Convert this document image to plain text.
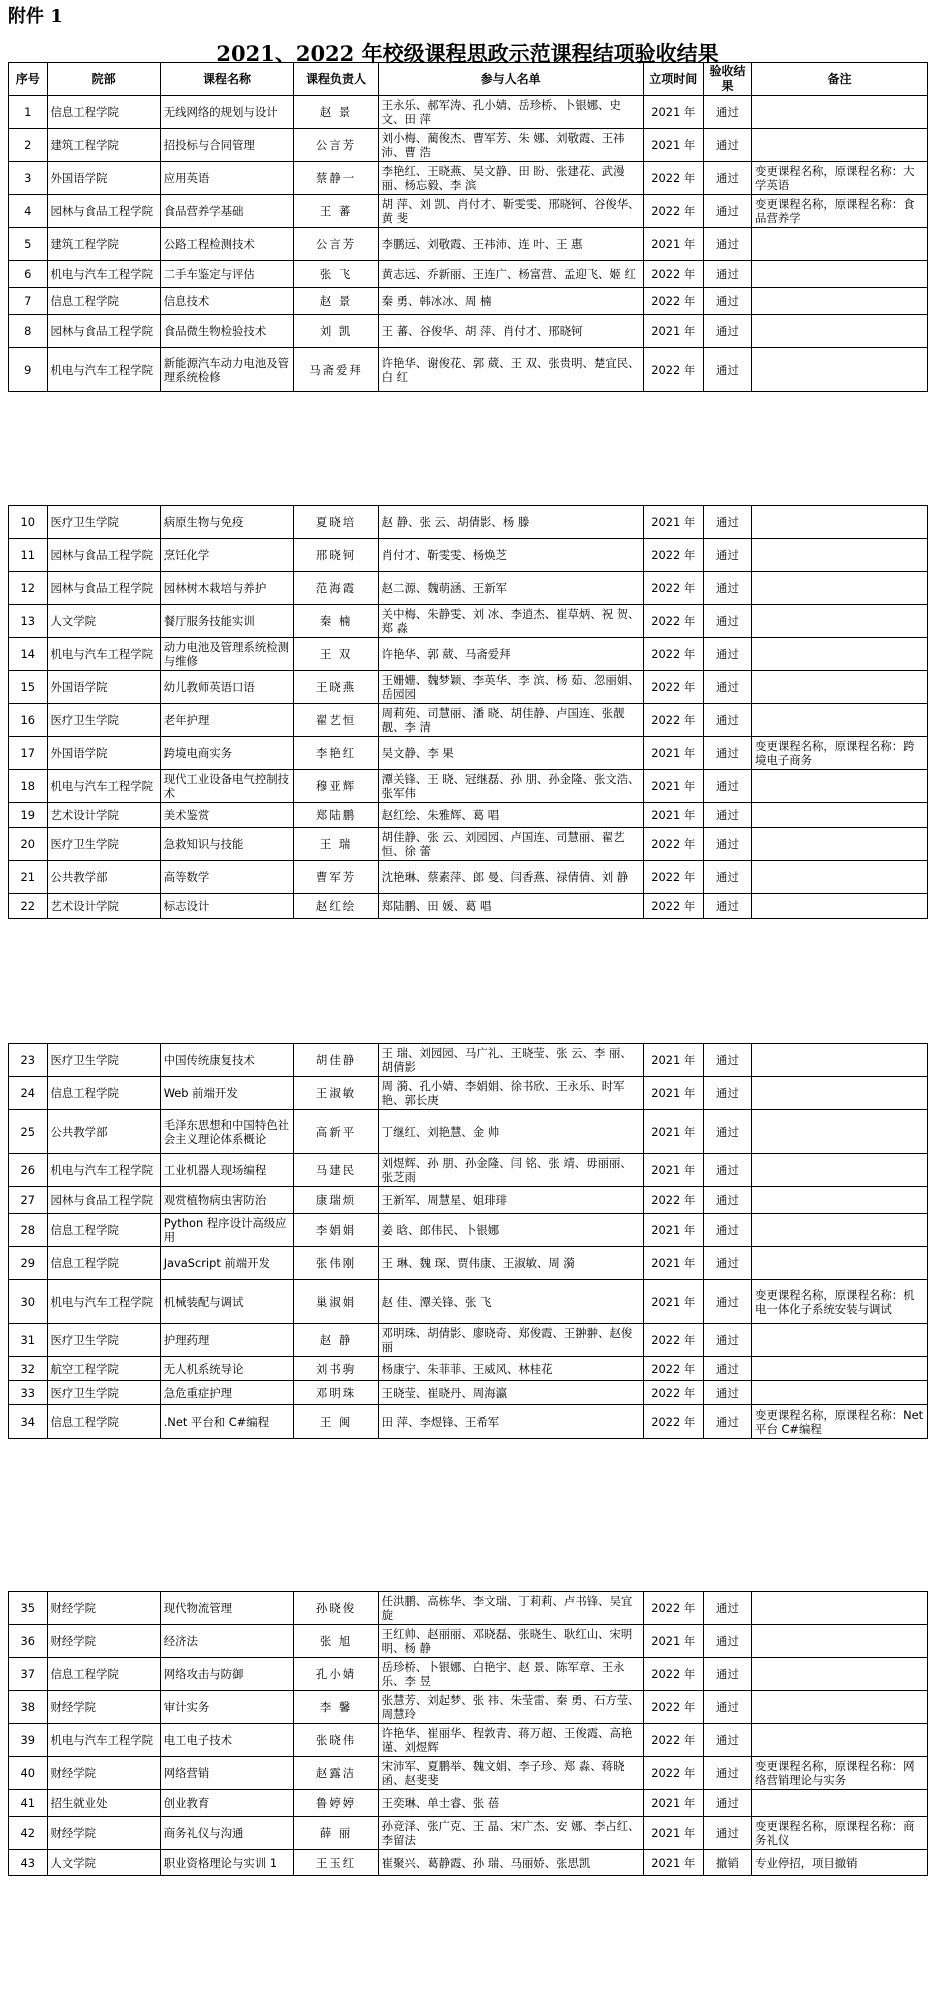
附件 1
2021、2022 年校级课程思政示范课程结项验收结果
序号	院部	课程名称	课程负责人	参与人名单	立项时间	验收结果	备注
1	信息工程学院	无线网络的规划与设计	赵 景	王永乐、郝军涛、孔小婧、岳珍桥、卜银娜、史 文、田 萍	2021 年	通过	
2	建筑工程学院	招投标与合同管理	公言芳	刘小梅、蔺俊杰、曹军芳、朱 娜、刘敬霞、王祎沛、曹 浩	2021 年	通过	
3	外国语学院	应用英语	蔡静一	李艳红、王晓燕、吴文静、田 盼、张建花、武漫丽、杨忘毅、李 滨	2022 年	通过	变更课程名称，原课程名称：大学英语
4	园林与食品工程学院	食品营养学基础	王 蕃	胡 萍、刘 凯、肖付才、靳雯雯、邢晓钶、谷俊华、黄 斐	2022 年	通过	变更课程名称，原课程名称：食品营养学
5	建筑工程学院	公路工程检测技术	公言芳	李鹏远、刘敬霞、王祎沛、连 叶、王 惠	2021 年	通过	
6	机电与汽车工程学院	二手车鉴定与评估	张 飞	黄志远、乔新丽、王连广、杨富营、孟迎飞、姬 红	2022 年	通过	
7	信息工程学院	信息技术	赵 景	秦 勇、韩冰冰、周 楠	2022 年	通过	
8	园林与食品工程学院	食品微生物检验技术	刘 凯	王 蕃、谷俊华、胡 萍、肖付才、邢晓钶	2021 年	通过	
9	机电与汽车工程学院	新能源汽车动力电池及管理系统检修	马斋爱拜	许艳华、谢俊花、郭 葳、王 双、张贵明、楚宜民、白 红	2022 年	通过	
10	医疗卫生学院	病原生物与免疫	夏晓培	赵 静、张 云、胡倩影、杨 滕	2021 年	通过	
11	园林与食品工程学院	烹饪化学	邢晓钶	肖付才、靳雯雯、杨焕芝	2022 年	通过	
12	园林与食品工程学院	园林树木栽培与养护	范海霞	赵二源、魏萌涵、王新军	2022 年	通过	
13	人文学院	餐厅服务技能实训	秦 楠	关中梅、朱静雯、刘 冰、李逍杰、崔草炳、祝 贺、郑 淼	2022 年	通过	
14	机电与汽车工程学院	动力电池及管理系统检测与维修	王 双	许艳华、郭 葳、马斋爱拜	2022 年	通过	
15	外国语学院	幼儿教师英语口语	王晓燕	王姗姗、魏梦颖、李英华、李 滨、杨 茹、忽丽娟、岳园园	2022 年	通过	
16	医疗卫生学院	老年护理	翟艺恒	周莉苑、司慧丽、潘 晓、胡佳静、卢国连、张靓靓、李 清	2022 年	通过	
17	外国语学院	跨境电商实务	李艳红	吴文静、李 果	2021 年	通过	变更课程名称，原课程名称：跨境电子商务
18	机电与汽车工程学院	现代工业设备电气控制技术	穆亚辉	潭关锋、王 晓、冠继磊、孙 朋、孙金隆、张文浩、张军伟	2021 年	通过	
19	艺术设计学院	美术鉴赏	郑陆鹏	赵红绘、朱雅辉、葛 唱	2021 年	通过	
20	医疗卫生学院	急救知识与技能	王 瑞	胡佳静、张 云、刘园园、卢国连、司慧丽、翟艺恒、徐 蕾	2022 年	通过	
21	公共教学部	高等数学	曹军芳	沈艳琳、蔡素萍、郎 曼、闫香燕、禄倩倩、刘 静	2022 年	通过	
22	艺术设计学院	标志设计	赵红绘	郑陆鹏、田 媛、葛 唱	2022 年	通过	
23	医疗卫生学院	中国传统康复技术	胡佳静	王 瑞、刘园园、马广礼、王晓莹、张 云、李 丽、胡倩影	2021 年	通过	
24	信息工程学院	Web 前端开发	王淑敏	周 漪、孔小婧、李娟娟、徐书欣、王永乐、时军艳、郭长庚	2021 年	通过	
25	公共教学部	毛泽东思想和中国特色社会主义理论体系概论	高新平	丁继红、刘艳慧、金 帅	2021 年	通过	
26	机电与汽车工程学院	工业机器人现场编程	马建民	刘煜辉、孙 朋、孙金隆、闫 铭、张 靖、毋丽丽、张芝雨	2021 年	通过	
27	园林与食品工程学院	观赏植物病虫害防治	康瑞烦	王新军、周慧星、姐琲琲	2022 年	通过	
28	信息工程学院	Python 程序设计高级应用	李娟娟	姜 晗、郎伟民、卜银娜	2021 年	通过	
29	信息工程学院	JavaScript 前端开发	张伟刚	王 琳、魏 琛、贾伟康、王淑敏、周 漪	2021 年	通过	
30	机电与汽车工程学院	机械装配与调试	巢淑娟	赵 佳、潭关锋、张 飞	2021 年	通过	变更课程名称，原课程名称：机电一体化子系统安装与调试
31	医疗卫生学院	护理药理	赵 静	邓明珠、胡倩影、廖晓奇、郑俊霞、王翀翀、赵俊丽	2022 年	通过	
32	航空工程学院	无人机系统导论	刘书驹	杨康宁、朱菲菲、王威风、林桂花	2022 年	通过	
33	医疗卫生学院	急危重症护理	邓明珠	王晓莹、崔晓丹、周海瀛	2022 年	通过	
34	信息工程学院	.Net 平台和 C#编程	王 闽	田 萍、李煜锋、王希军	2022 年	通过	变更课程名称，原课程名称：Net 平台 C#编程
35	财经学院	现代物流管理	孙晓俊	任洪鹏、高栋华、李文瑞、丁莉莉、卢书锋、吴宜旋	2022 年	通过	
36	财经学院	经济法	张 旭	王红帅、赵丽丽、邓晓磊、张晓生、耿红山、宋明明、杨 静	2021 年	通过	
37	信息工程学院	网络攻击与防御	孔小婧	岳珍桥、卜银娜、白艳宇、赵 景、陈军章、王永乐、李 昱	2022 年	通过	
38	财经学院	审计实务	李 馨	张慧芳、刘起梦、张 祎、朱莹雷、秦 勇、石方莹、周慧玲	2022 年	通过	
39	机电与汽车工程学院	电工电子技术	张晓伟	许艳华、崔丽华、程敦青、蒋万超、王俊霞、高艳谨、刘煜辉	2022 年	通过	
40	财经学院	网络营销	赵露洁	宋沛军、夏鹏举、魏文娟、李子珍、郑 淼、蒋晓函、赵斐斐	2022 年	通过	变更课程名称，原课程名称：网络营销理论与实务
41	招生就业处	创业教育	鲁婷婷	王奕琳、单士睿、张 蓓	2021 年	通过	
42	财经学院	商务礼仪与沟通	薛 丽	孙竞泽、张广克、王 晶、宋广杰、安 娜、李占红、李留法	2021 年	通过	变更课程名称，原课程名称：商务礼仪
43	人文学院	职业资格理论与实训 1	王玉红	崔聚兴、葛静霞、孙 瑞、马丽娇、张思凯	2021 年	撤销	专业停招，项目撤销
